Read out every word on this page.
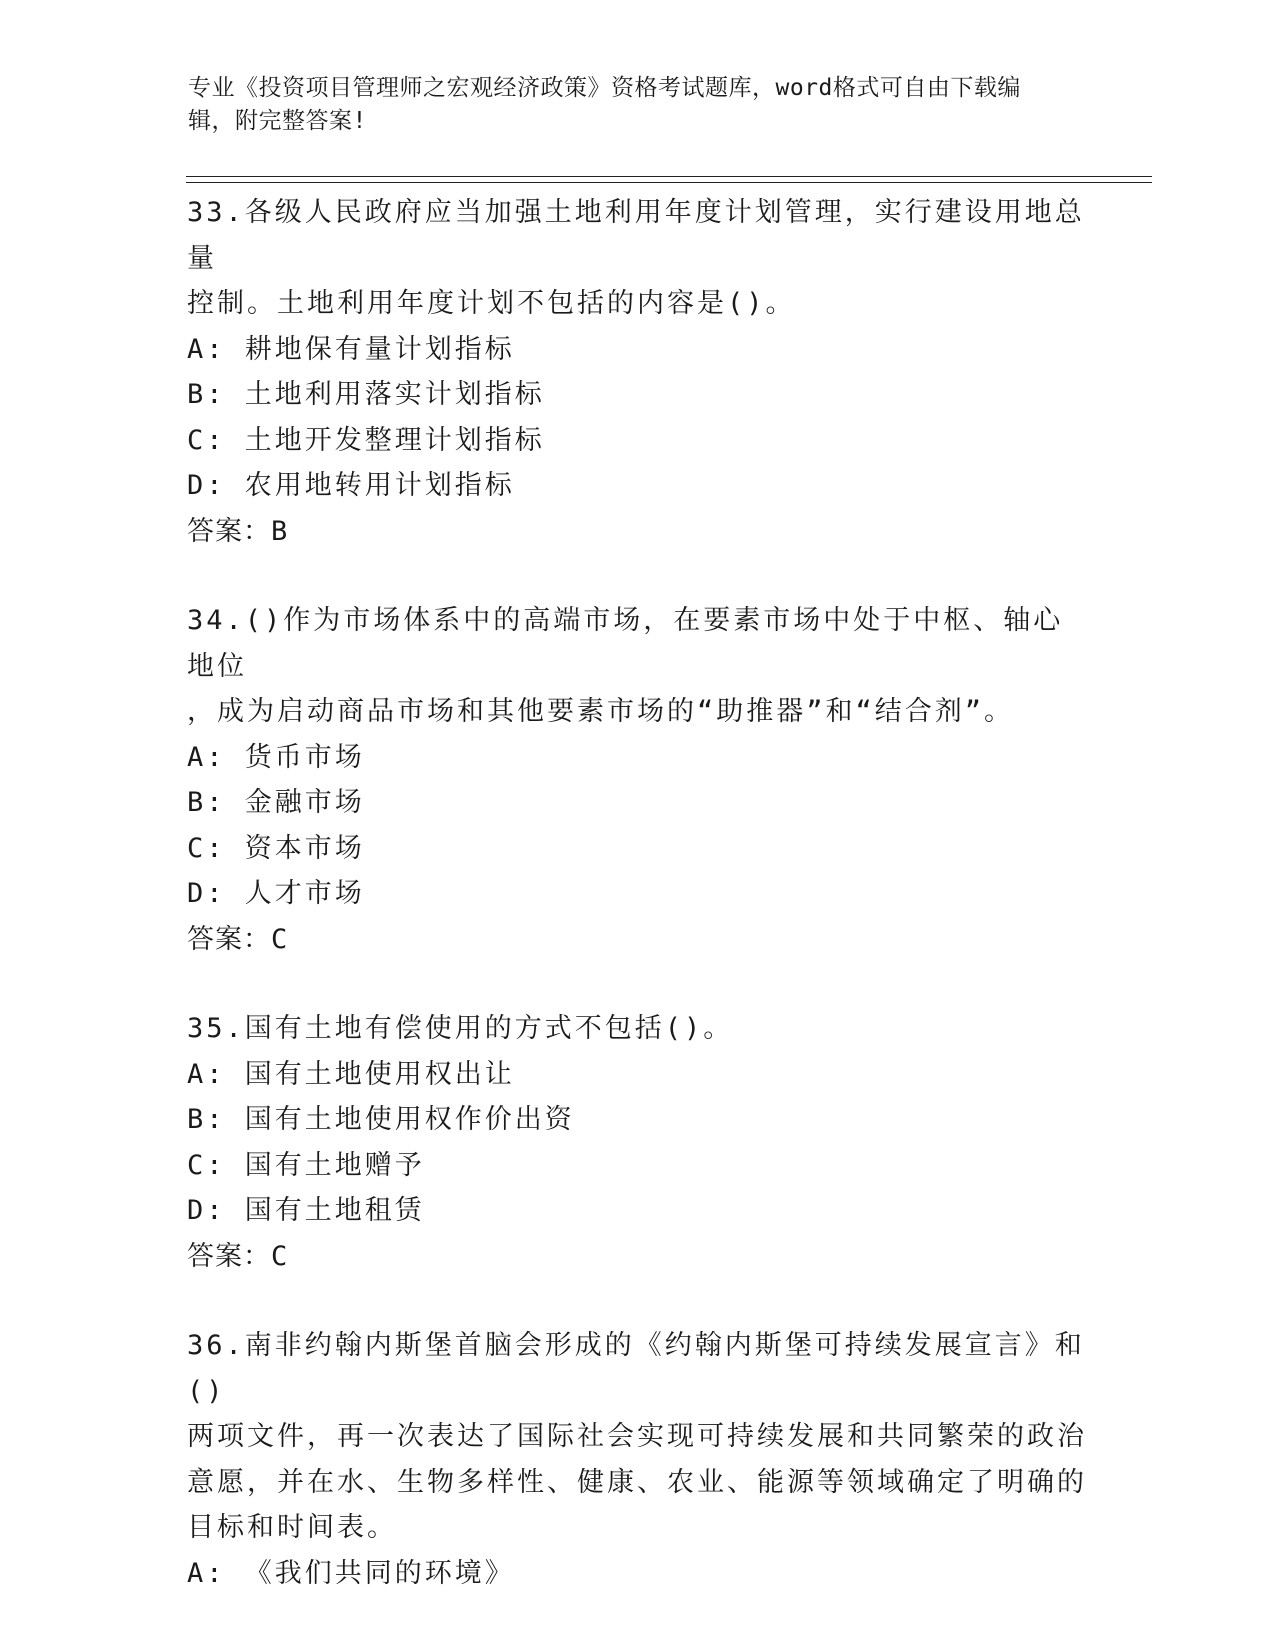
专业《投资项目管理师之宏观经济政策》资格考试题库，word格式可自由下载编
辑，附完整答案!
33.各级人民政府应当加强土地利用年度计划管理，实行建设用地总量
控制。土地利用年度计划不包括的内容是()。
A: 耕地保有量计划指标
B: 土地利用落实计划指标
C: 土地开发整理计划指标
D: 农用地转用计划指标
答案：B
34.()作为市场体系中的高端市场，在要素市场中处于中枢、轴心地位
，成为启动商品市场和其他要素市场的“助推器”和“结合剂”。
A: 货币市场
B: 金融市场
C: 资本市场
D: 人才市场
答案：C
35.国有土地有偿使用的方式不包括()。
A: 国有土地使用权出让
B: 国有土地使用权作价出资
C: 国有土地赠予
D: 国有土地租赁
答案：C
36.南非约翰内斯堡首脑会形成的《约翰内斯堡可持续发展宣言》和()
两项文件，再一次表达了国际社会实现可持续发展和共同繁荣的政治
意愿，并在水、生物多样性、健康、农业、能源等领域确定了明确的
目标和时间表。
A: 《我们共同的环境》
